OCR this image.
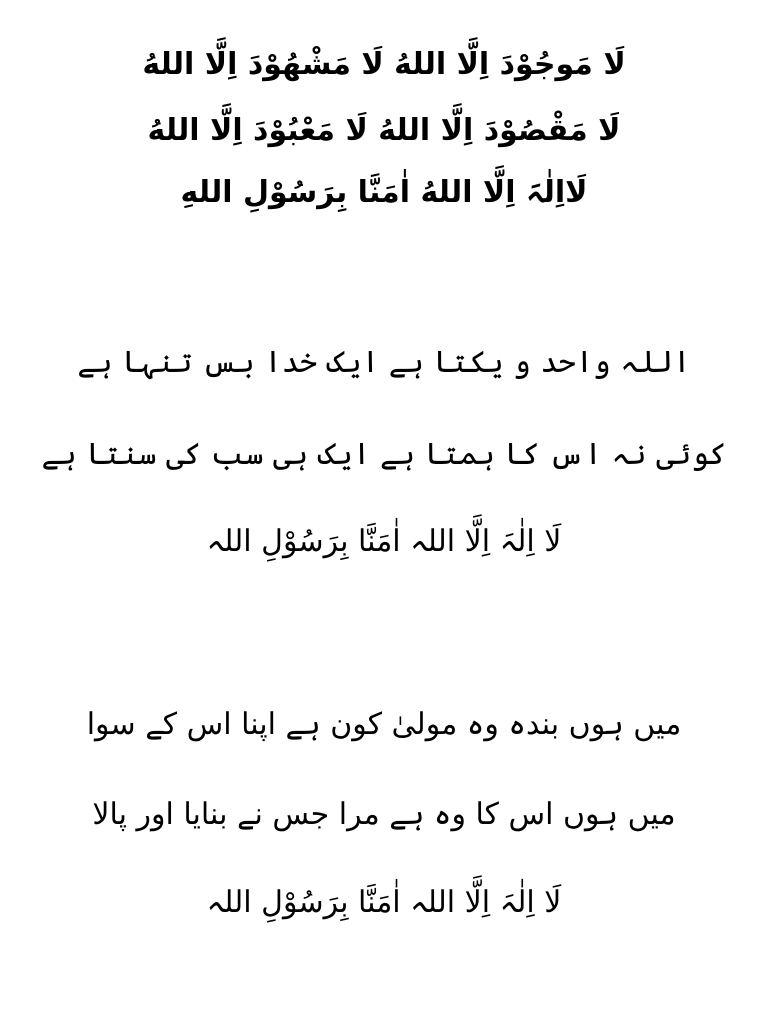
لَا مَوجُوْدَ اِلَّا اللهُ لَا مَشْهُوْدَ اِلَّا اللهُ
لَا مَقْصُوْدَ اِلَّا اللهُ لَا مَعْبُوْدَ اِلَّا اللهُ
لَااِلٰہَ اِلَّا اللهُ اٰمَنَّا بِرَسُوْلِ اللهِ
اللہ واحد و یکتا ہے ایک خدا بس تنہا ہے
کوئی نہ اس کا ہمتا ہے ایک ہی سب کی سنتا ہے
لَا اِلٰہَ اِلَّا اللہ اٰمَنَّا بِرَسُوْلِ اللہ
میں ہوں بندہ وہ مولیٰ کون ہے اپنا اس کے سوا
میں ہوں اس کا وہ ہے مرا جس نے بنایا اور پالا
لَا اِلٰہَ اِلَّا اللہ اٰمَنَّا بِرَسُوْلِ اللہ
